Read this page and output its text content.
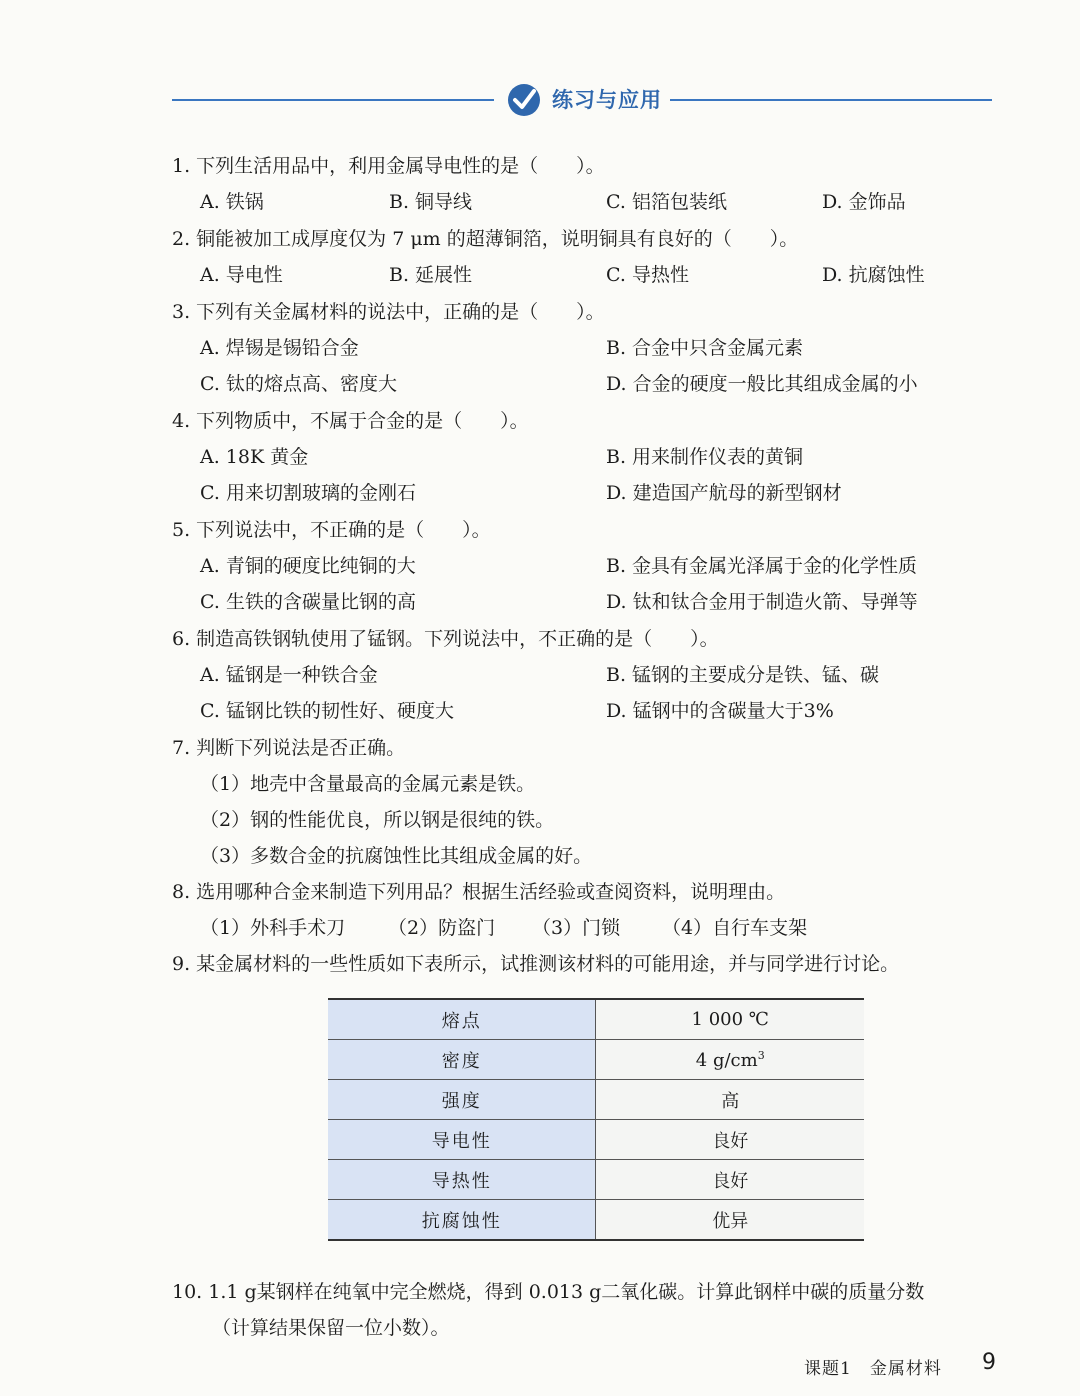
练习与应用
1. 下列生活用品中，利用金属导电性的是（　　）。
A. 铁锅	B. 铜导线	C. 铝箔包装纸	D. 金饰品
2. 铜能被加工成厚度仅为 7 μm 的超薄铜箔，说明铜具有良好的（　　）。
A. 导电性	B. 延展性	C. 导热性	D. 抗腐蚀性
3. 下列有关金属材料的说法中，正确的是（　　）。
A. 焊锡是锡铅合金	B. 合金中只含金属元素
C. 钛的熔点高、密度大	D. 合金的硬度一般比其组成金属的小
4. 下列物质中，不属于合金的是（　　）。
A. 18K 黄金	B. 用来制作仪表的黄铜
C. 用来切割玻璃的金刚石	D. 建造国产航母的新型钢材
5. 下列说法中，不正确的是（　　）。
A. 青铜的硬度比纯铜的大	B. 金具有金属光泽属于金的化学性质
C. 生铁的含碳量比钢的高	D. 钛和钛合金用于制造火箭、导弹等
6. 制造高铁钢轨使用了锰钢。下列说法中，不正确的是（　　）。
A. 锰钢是一种铁合金	B. 锰钢的主要成分是铁、锰、碳
C. 锰钢比铁的韧性好、硬度大	D. 锰钢中的含碳量大于3%
7. 判断下列说法是否正确。
（1）地壳中含量最高的金属元素是铁。
（2）钢的性能优良，所以钢是很纯的铁。
（3）多数合金的抗腐蚀性比其组成金属的好。
8. 选用哪种合金来制造下列用品？根据生活经验或查阅资料，说明理由。
（1）外科手术刀 （2）防盗门 （3）门锁 （4）自行车支架
9. 某金属材料的一些性质如下表所示，试推测该材料的可能用途，并与同学进行讨论。
熔点	1 000 ℃
密度	4 $g/cm^3$
强度	高
导电性	良好
导热性	良好
抗腐蚀性	优异
10. 1.1 g某钢样在纯氧中完全燃烧，得到 0.013 g二氧化碳。计算此钢样中碳的质量分数
（计算结果保留一位小数）。
课题1　金属材料 9
